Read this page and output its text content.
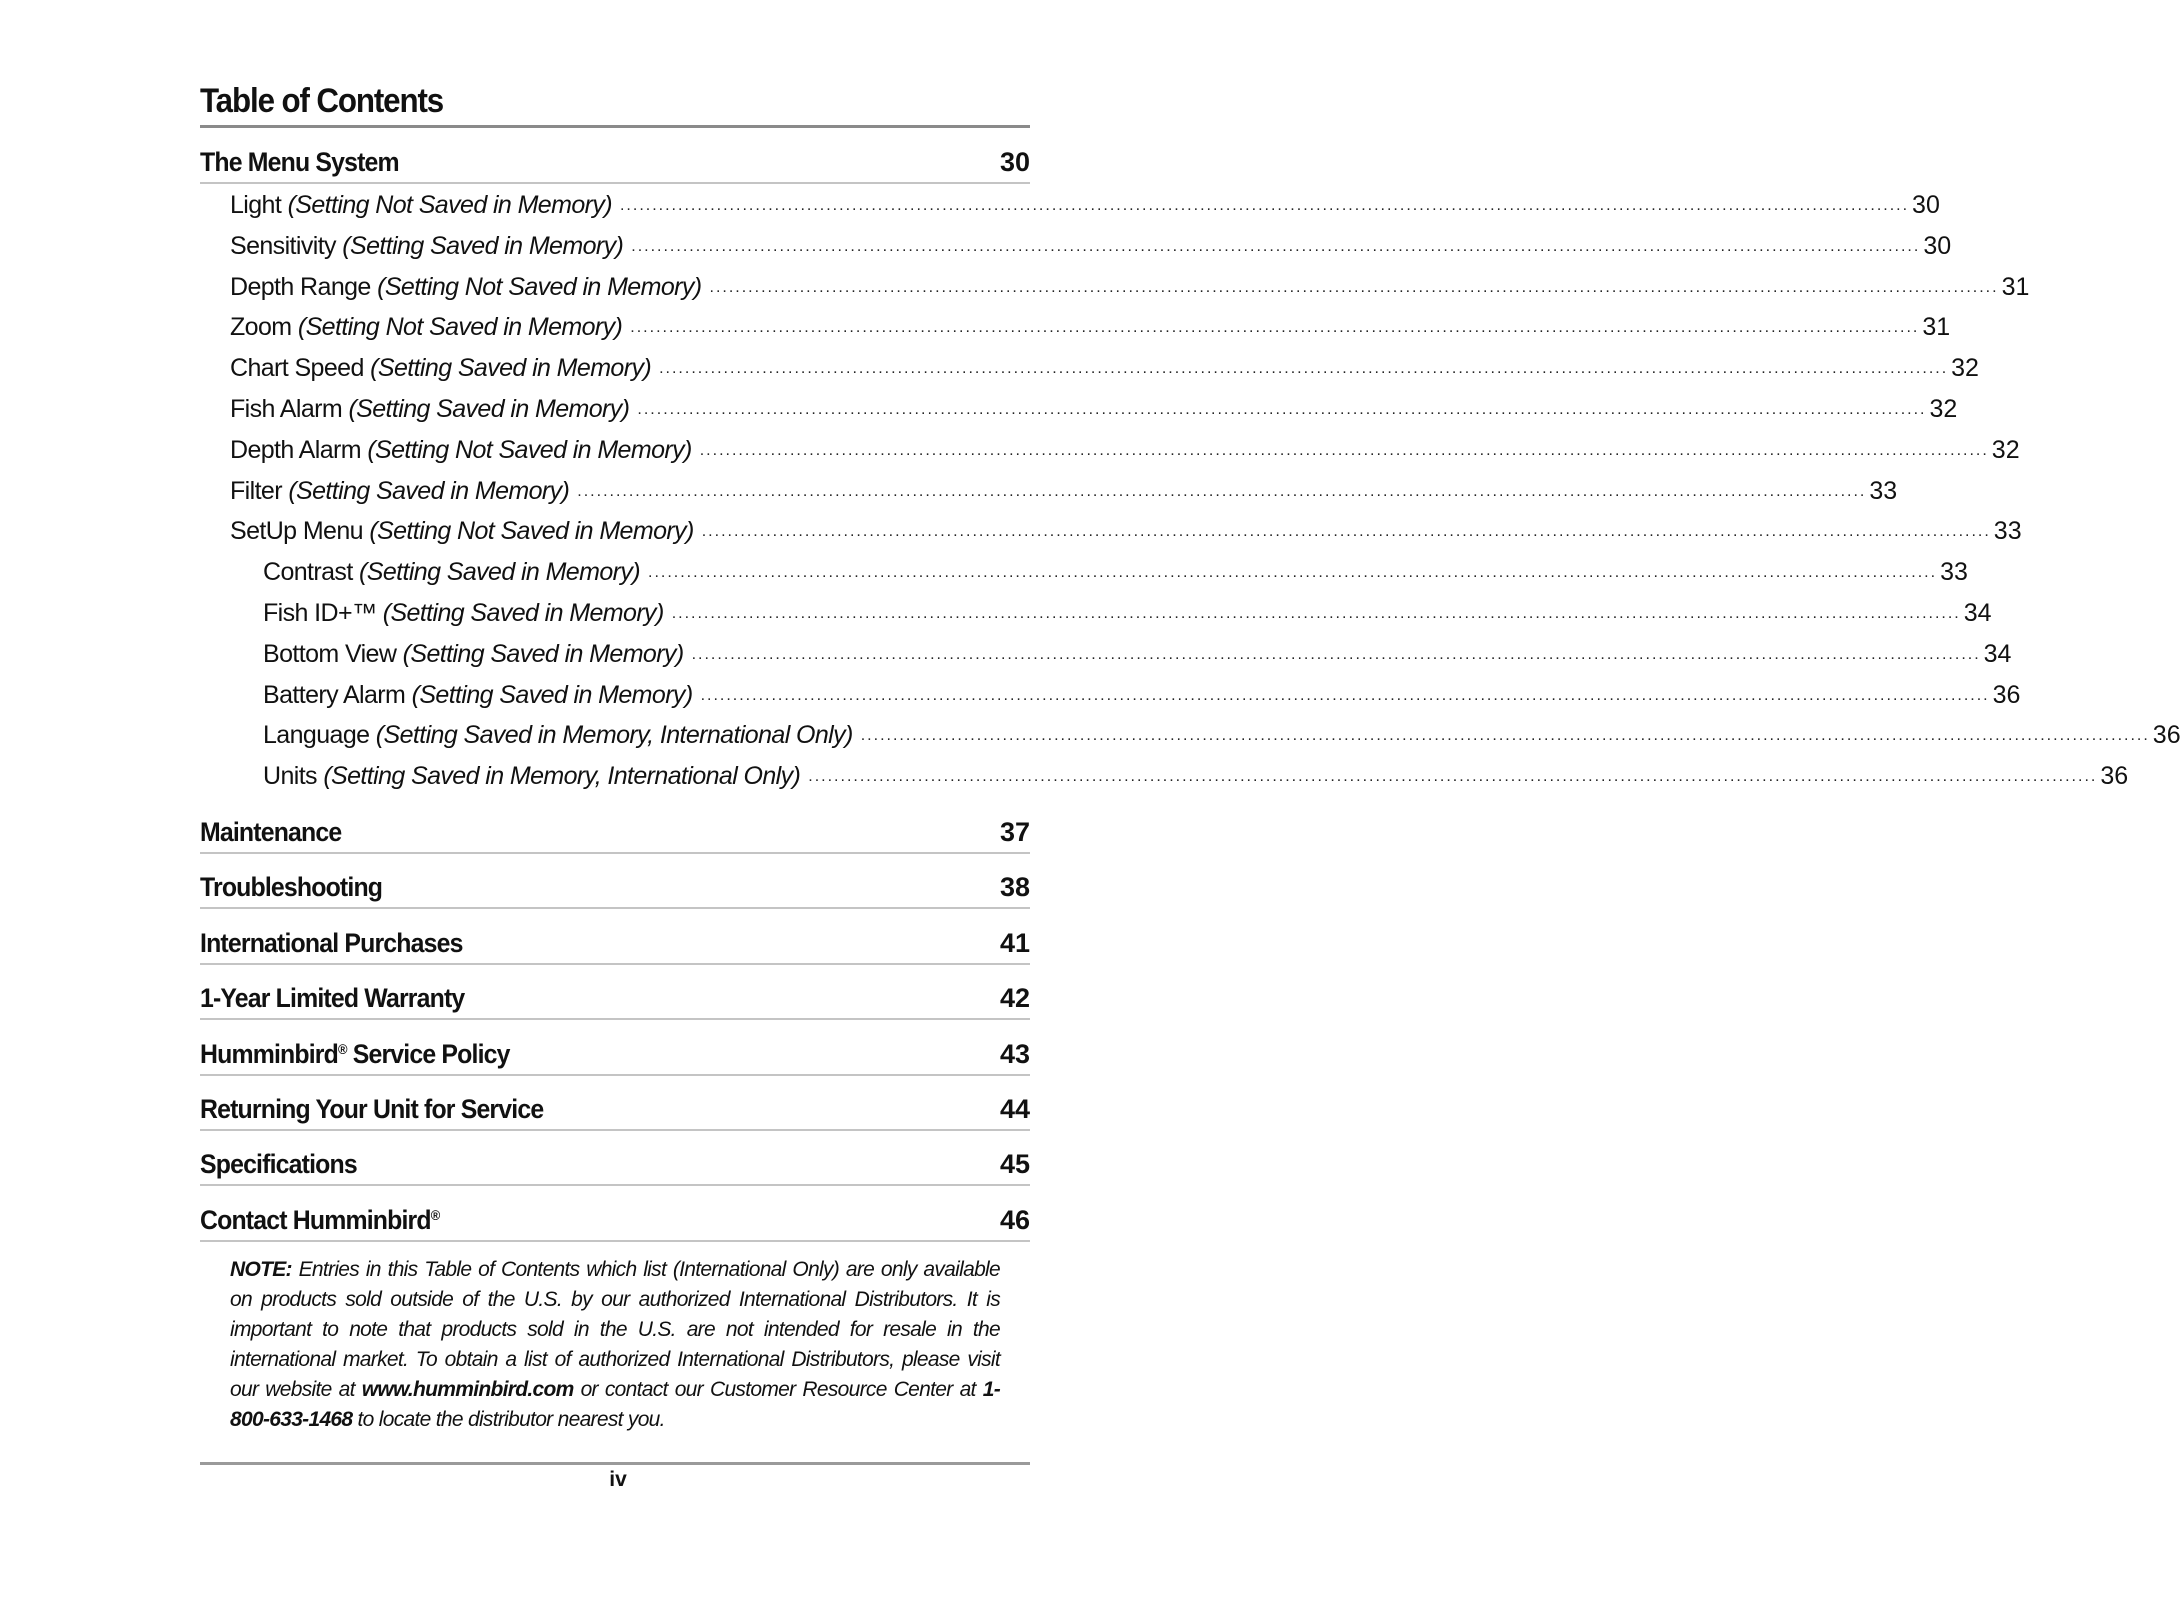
Table of Contents
The Menu System	30
Light (Setting Not Saved in Memory) ........................................................................................................................................................................................................ 30
Sensitivity (Setting Saved in Memory) ........................................................................................................................................................................................................ 30
Depth Range (Setting Not Saved in Memory) ........................................................................................................................................................................................................ 31
Zoom (Setting Not Saved in Memory) ........................................................................................................................................................................................................ 31
Chart Speed (Setting Saved in Memory) ........................................................................................................................................................................................................ 32
Fish Alarm (Setting Saved in Memory) ........................................................................................................................................................................................................ 32
Depth Alarm (Setting Not Saved in Memory) ........................................................................................................................................................................................................ 32
Filter (Setting Saved in Memory) ........................................................................................................................................................................................................ 33
SetUp Menu (Setting Not Saved in Memory) ........................................................................................................................................................................................................ 33
Contrast (Setting Saved in Memory) ........................................................................................................................................................................................................ 33
Fish ID+™ (Setting Saved in Memory) ........................................................................................................................................................................................................ 34
Bottom View (Setting Saved in Memory) ........................................................................................................................................................................................................ 34
Battery Alarm (Setting Saved in Memory) ........................................................................................................................................................................................................ 36
Language (Setting Saved in Memory, International Only) ........................................................................................................................................................................................................ 36
Units (Setting Saved in Memory, International Only) ........................................................................................................................................................................................................ 36
Maintenance	37
Troubleshooting	38
International Purchases	41
1-Year Limited Warranty	42
Humminbird® Service Policy	43
Returning Your Unit for Service	44
Specifications	45
Contact Humminbird®	46
NOTE: Entries in this Table of Contents which list (International Only) are only available on products sold outside of the U.S. by our authorized International Distributors. It is important to note that products sold in the U.S. are not intended for resale in the international market. To obtain a list of authorized International Distributors, please visit our website at www.humminbird.com or contact our Customer Resource Center at 1-800-633-1468 to locate the distributor nearest you.
iv
